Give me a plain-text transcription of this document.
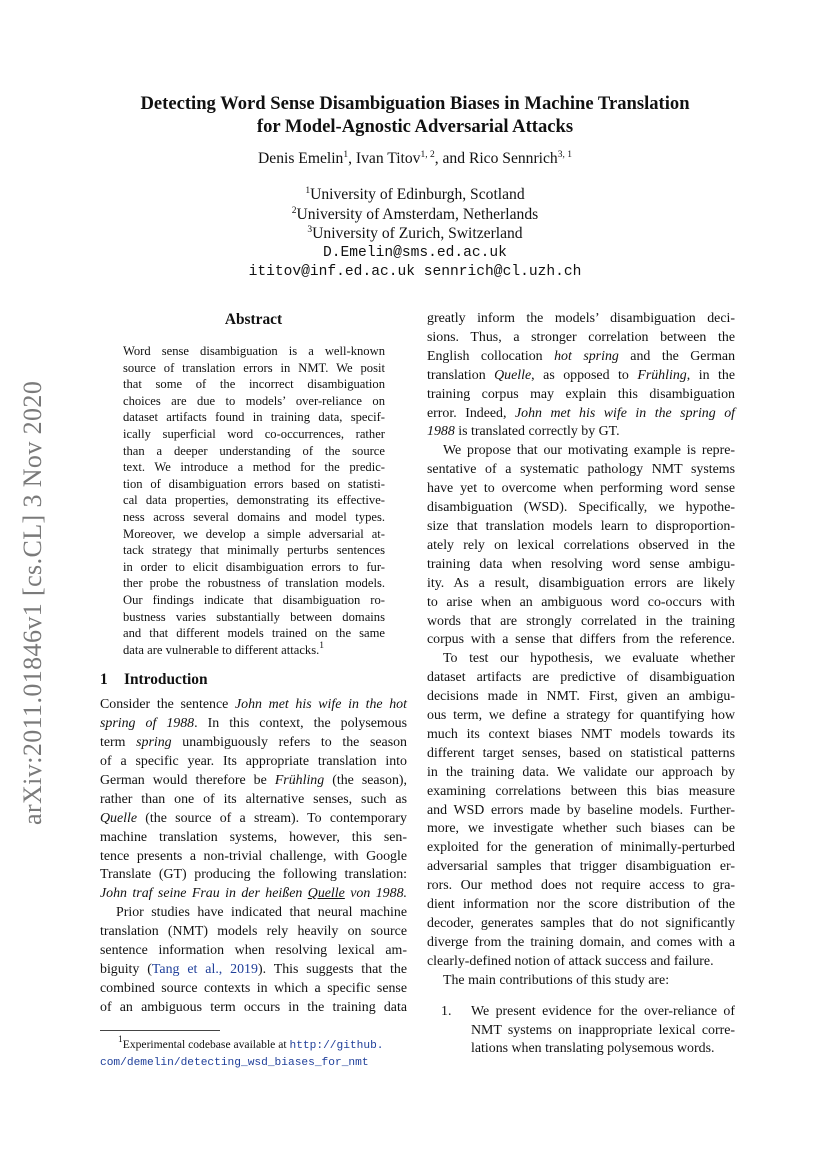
arXiv:2011.01846v1 [cs.CL] 3 Nov 2020
Detecting Word Sense Disambiguation Biases in Machine Translation
for Model-Agnostic Adversarial Attacks
Denis Emelin$^1$, Ivan Titov$^{1, 2}$, and Rico Sennrich$^{3, 1}$
$^1$University of Edinburgh, Scotland
$^2$University of Amsterdam, Netherlands
$^3$University of Zurich, Switzerland
D.Emelin@sms.ed.ac.uk
ititov@inf.ed.ac.uk sennrich@cl.uzh.ch
Abstract
Word sense disambiguation is a well-known
source of translation errors in NMT. We posit
that some of the incorrect disambiguation
choices are due to models’ over-reliance on
dataset artifacts found in training data, specif-
ically superficial word co-occurrences, rather
than a deeper understanding of the source
text. We introduce a method for the predic-
tion of disambiguation errors based on statisti-
cal data properties, demonstrating its effective-
ness across several domains and model types.
Moreover, we develop a simple adversarial at-
tack strategy that minimally perturbs sentences
in order to elicit disambiguation errors to fur-
ther probe the robustness of translation models.
Our findings indicate that disambiguation ro-
bustness varies substantially between domains
and that different models trained on the same
data are vulnerable to different attacks.$^1$
1 Introduction
Consider the sentence John met his wife in the hot
spring of 1988. In this context, the polysemous
term spring unambiguously refers to the season
of a specific year. Its appropriate translation into
German would therefore be Frühling (the season),
rather than one of its alternative senses, such as
Quelle (the source of a stream). To contemporary
machine translation systems, however, this sen-
tence presents a non-trivial challenge, with Google
Translate (GT) producing the following translation:
John traf seine Frau in der heißen Quelle von 1988.
Prior studies have indicated that neural machine
translation (NMT) models rely heavily on source
sentence information when resolving lexical am-
biguity (Tang et al., 2019). This suggests that the
combined source contexts in which a specific sense
of an ambiguous term occurs in the training data
$^1$Experimental codebase available at http://github.
com/demelin/detecting_wsd_biases_for_nmt
greatly inform the models’ disambiguation deci-
sions. Thus, a stronger correlation between the
English collocation hot spring and the German
translation Quelle, as opposed to Frühling, in the
training corpus may explain this disambiguation
error. Indeed, John met his wife in the spring of
1988 is translated correctly by GT.
We propose that our motivating example is repre-
sentative of a systematic pathology NMT systems
have yet to overcome when performing word sense
disambiguation (WSD). Specifically, we hypothe-
size that translation models learn to disproportion-
ately rely on lexical correlations observed in the
training data when resolving word sense ambigu-
ity. As a result, disambiguation errors are likely
to arise when an ambiguous word co-occurs with
words that are strongly correlated in the training
corpus with a sense that differs from the reference.
To test our hypothesis, we evaluate whether
dataset artifacts are predictive of disambiguation
decisions made in NMT. First, given an ambigu-
ous term, we define a strategy for quantifying how
much its context biases NMT models towards its
different target senses, based on statistical patterns
in the training data. We validate our approach by
examining correlations between this bias measure
and WSD errors made by baseline models. Further-
more, we investigate whether such biases can be
exploited for the generation of minimally-perturbed
adversarial samples that trigger disambiguation er-
rors. Our method does not require access to gra-
dient information nor the score distribution of the
decoder, generates samples that do not significantly
diverge from the training domain, and comes with a
clearly-defined notion of attack success and failure.
The main contributions of this study are:
1. We present evidence for the over-reliance of
NMT systems on inappropriate lexical corre-
lations when translating polysemous words.
